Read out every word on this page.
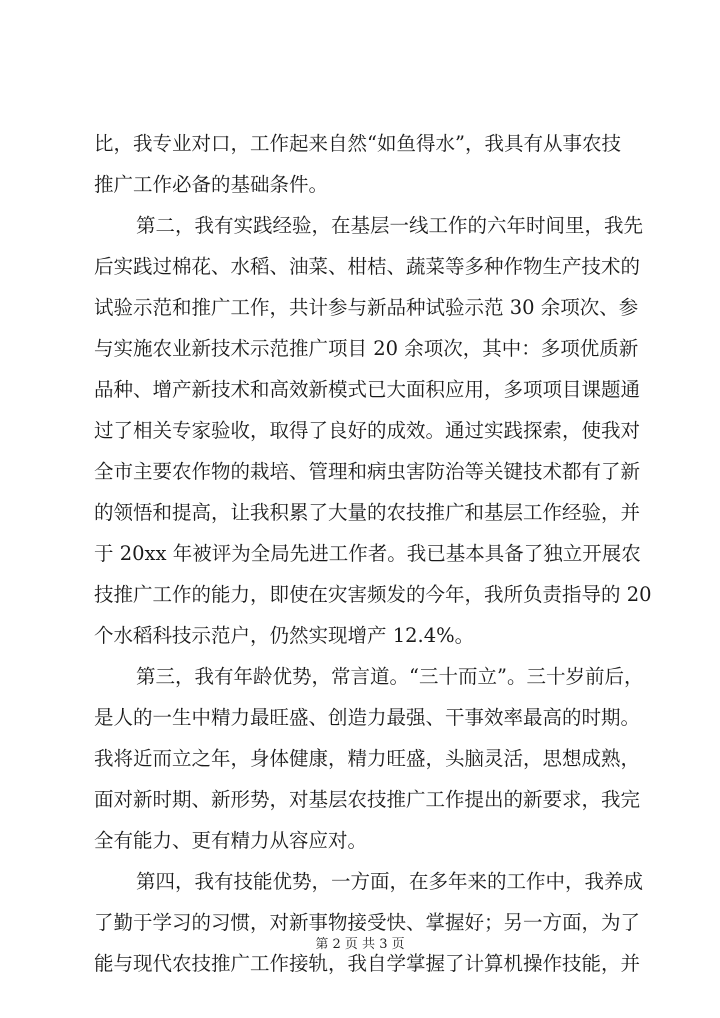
比，我专业对口，工作起来自然“如鱼得水”，我具有从事农技
推广工作必备的基础条件。
第二，我有实践经验，在基层一线工作的六年时间里，我先
后实践过棉花、水稻、油菜、柑桔、蔬菜等多种作物生产技术的
试验示范和推广工作，共计参与新品种试验示范 30 余项次、参
与实施农业新技术示范推广项目 20 余项次，其中：多项优质新
品种、增产新技术和高效新模式已大面积应用，多项项目课题通
过了相关专家验收，取得了良好的成效。通过实践探索，使我对
全市主要农作物的栽培、管理和病虫害防治等关键技术都有了新
的领悟和提高，让我积累了大量的农技推广和基层工作经验，并
于 20xx 年被评为全局先进工作者。我已基本具备了独立开展农
技推广工作的能力，即使在灾害频发的今年，我所负责指导的 20
个水稻科技示范户，仍然实现增产 12.4%。
第三，我有年龄优势，常言道。“三十而立”。三十岁前后，
是人的一生中精力最旺盛、创造力最强、干事效率最高的时期。
我将近而立之年，身体健康，精力旺盛，头脑灵活，思想成熟，
面对新时期、新形势，对基层农技推广工作提出的新要求，我完
全有能力、更有精力从容应对。
第四，我有技能优势，一方面，在多年来的工作中，我养成
了勤于学习的习惯，对新事物接受快、掌握好；另一方面，为了
能与现代农技推广工作接轨，我自学掌握了计算机操作技能，并
第 2 页 共 3 页
